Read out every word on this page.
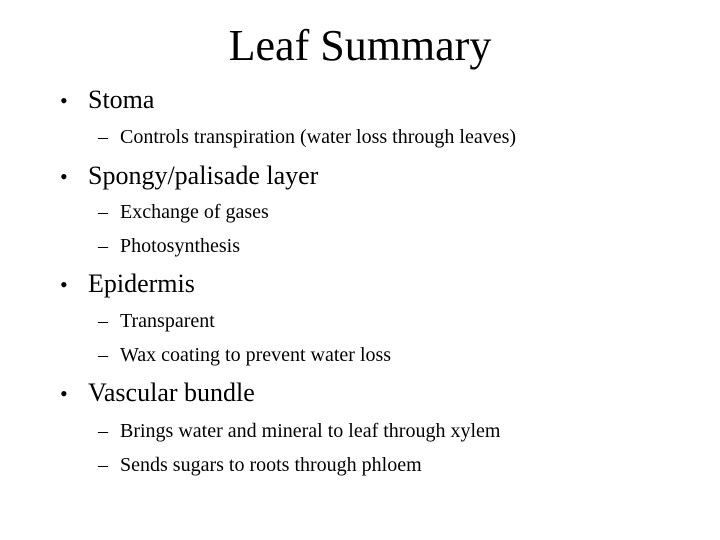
Leaf Summary
• Stoma
– Controls transpiration (water loss through leaves)
• Spongy/palisade layer
– Exchange of gases
– Photosynthesis
• Epidermis
– Transparent
– Wax coating to prevent water loss
• Vascular bundle
– Brings water and mineral to leaf through xylem
– Sends sugars to roots through phloem
